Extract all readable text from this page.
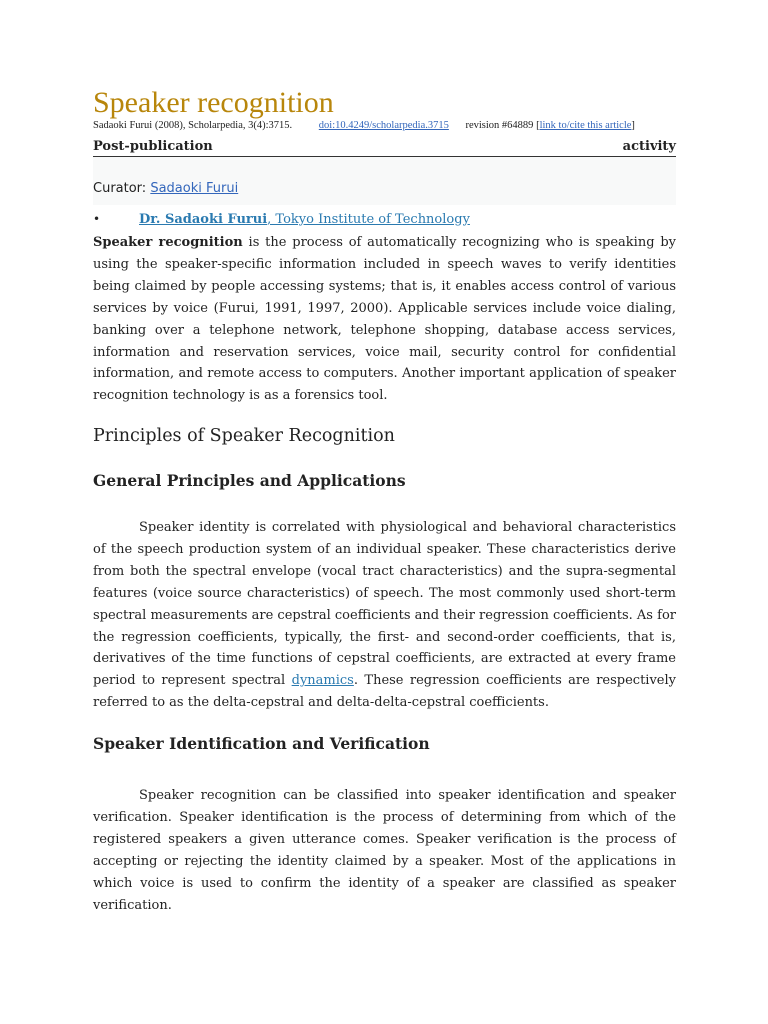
Speaker recognition
Sadaoki Furui (2008), Scholarpedia, 3(4):3715.	doi:10.4249/scholarpedia.3715 revision #64889 [link to/cite this article]
Post-publication	activity
Curator: Sadaoki Furui
•	Dr. Sadaoki Furui, Tokyo Institute of Technology
Speaker recognition is the process of automatically recognizing who is speaking by using the speaker-specific information included in speech waves to verify identities being claimed by people accessing systems; that is, it enables access control of various services by voice (Furui, 1991, 1997, 2000). Applicable services include voice dialing, banking over a telephone network, telephone shopping, database access services, information and reservation services, voice mail, security control for confidential information, and remote access to computers. Another important application of speaker recognition technology is as a forensics tool.
Principles of Speaker Recognition
General Principles and Applications
Speaker identity is correlated with physiological and behavioral characteristics of the speech production system of an individual speaker. These characteristics derive from both the spectral envelope (vocal tract characteristics) and the supra-segmental features (voice source characteristics) of speech. The most commonly used short-term spectral measurements are cepstral coefficients and their regression coefficients. As for the regression coefficients, typically, the first- and second-order coefficients, that is, derivatives of the time functions of cepstral coefficients, are extracted at every frame period to represent spectral dynamics. These regression coefficients are respectively referred to as the delta-cepstral and delta-delta-cepstral coefficients.
Speaker Identification and Verification
Speaker recognition can be classified into speaker identification and speaker verification. Speaker identification is the process of determining from which of the registered speakers a given utterance comes. Speaker verification is the process of accepting or rejecting the identity claimed by a speaker. Most of the applications in which voice is used to confirm the identity of a speaker are classified as speaker verification.
